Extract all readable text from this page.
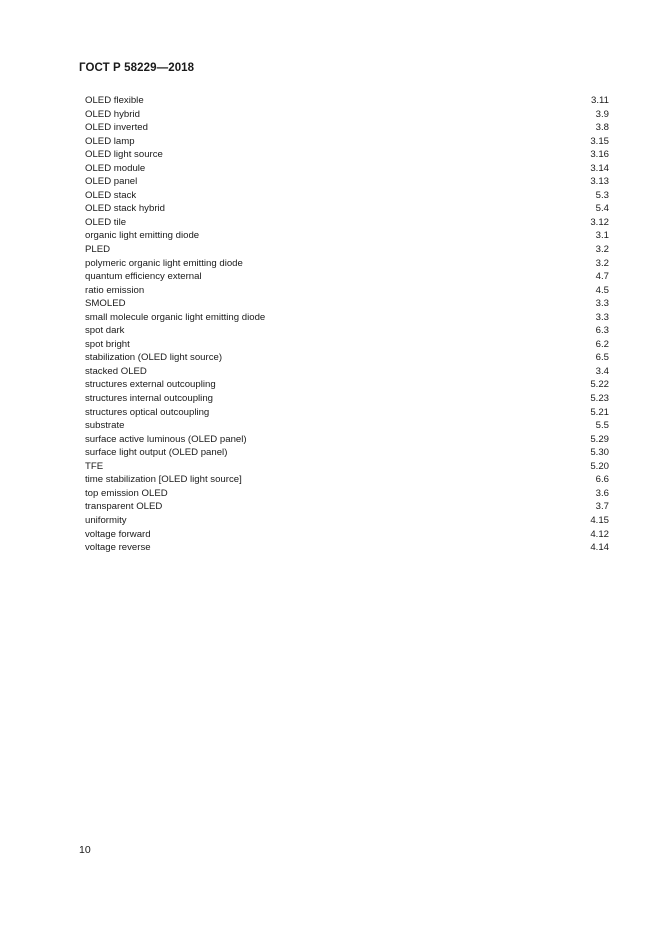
ГОСТ Р 58229—2018
OLED flexible	3.11
OLED hybrid	3.9
OLED inverted	3.8
OLED lamp	3.15
OLED light source	3.16
OLED module	3.14
OLED panel	3.13
OLED stack	5.3
OLED stack hybrid	5.4
OLED tile	3.12
organic light emitting diode	3.1
PLED	3.2
polymeric organic light emitting diode	3.2
quantum efficiency external	4.7
ratio emission	4.5
SMOLED	3.3
small molecule organic light emitting diode	3.3
spot dark	6.3
spot bright	6.2
stabilization (OLED light source)	6.5
stacked OLED	3.4
structures external outcoupling	5.22
structures internal outcoupling	5.23
structures optical outcoupling	5.21
substrate	5.5
surface active luminous (OLED panel)	5.29
surface light output (OLED panel)	5.30
TFE	5.20
time stabilization [OLED light source]	6.6
top emission OLED	3.6
transparent OLED	3.7
uniformity	4.15
voltage forward	4.12
voltage reverse	4.14
10
